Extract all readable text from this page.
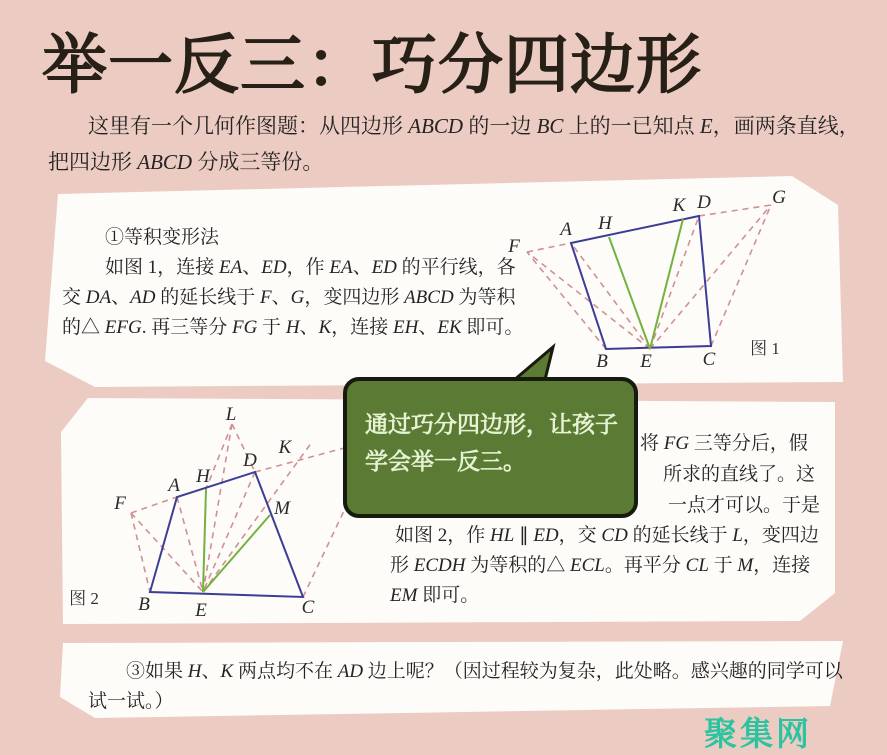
举一反三：巧分四边形
这里有一个几何作图题：从四边形 ABCD 的一边 BC 上的一已知点 E，画两条直线，
把四边形 ABCD 分成三等份。
①等积变形法
如图 1，连接 EA、ED，作 EA、ED 的平行线，各
交 DA、AD 的延长线于 F、G，变四边形 ABCD 为等积
的△ EFG. 再三等分 FG 于 H、K，连接 EH、EK 即可。
将 FG 三等分后，假
所求的直线了。这
一点才可以。于是
如图 2，作 HL ∥ ED，交 CD 的延长线于 L，变四边
形 ECDH 为等积的△ ECL。再平分 CL 于 M，连接
EM 即可。
③如果 H、K 两点均不在 AD 边上呢？（因过程较为复杂，此处略。感兴趣的同学可以
试一试。）
F
A H
K D	G
B E	C
图 1
L
K
D
H
A
F	M
B E	C
图 2
通过巧分四边形，让孩子
学会举一反三。
聚集网
